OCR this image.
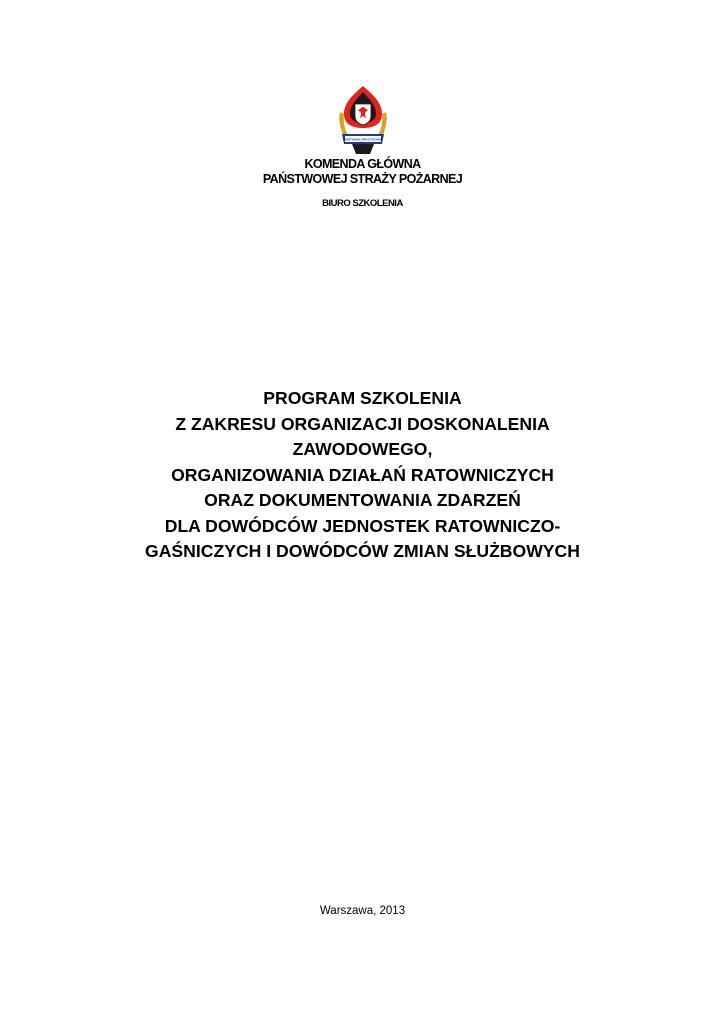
PAŃSTWOWA STRAŻ POŻARNA
KOMENDA GŁÓWNA
PAŃSTWOWEJ STRAŻY POŻARNEJ
BIURO SZKOLENIA
PROGRAM SZKOLENIA
Z ZAKRESU ORGANIZACJI DOSKONALENIA
ZAWODOWEGO,
ORGANIZOWANIA DZIAŁAŃ RATOWNICZYCH
ORAZ DOKUMENTOWANIA ZDARZEŃ
DLA DOWÓDCÓW JEDNOSTEK RATOWNICZO-
GAŚNICZYCH I DOWÓDCÓW ZMIAN SŁUŻBOWYCH
Warszawa, 2013
